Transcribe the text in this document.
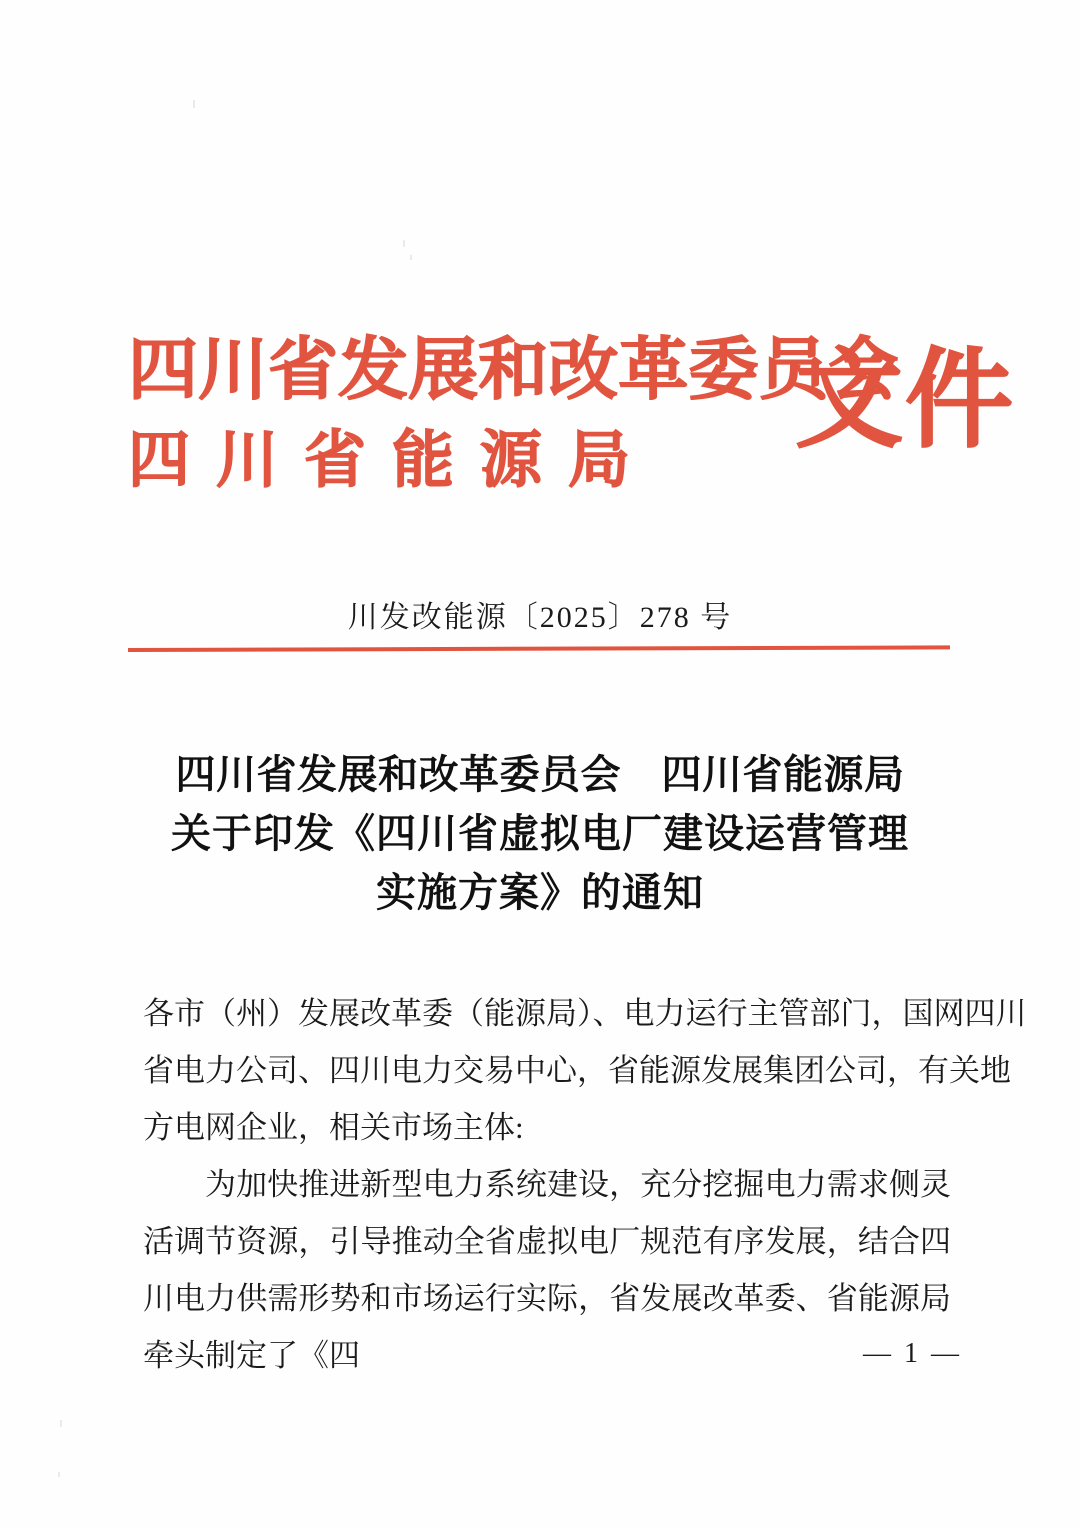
四川省发展和改革委员会
四川省能源局	文件
川发改能源〔2025〕278 号
四川省发展和改革委员会　四川省能源局
关于印发《四川省虚拟电厂建设运营管理
实施方案》的通知
各市（州）发展改革委（能源局）、电力运行主管部门，国网四川
省电力公司、四川电力交易中心，省能源发展集团公司，有关地
方电网企业，相关市场主体:

为加快推进新型电力系统建设，充分挖掘电力需求侧灵活调节资源，引导推动全省虚拟电厂规范有序发展，结合四川电力供需形势和市场运行实际，省发展改革委、省能源局牵头制定了《四	— 1 —
